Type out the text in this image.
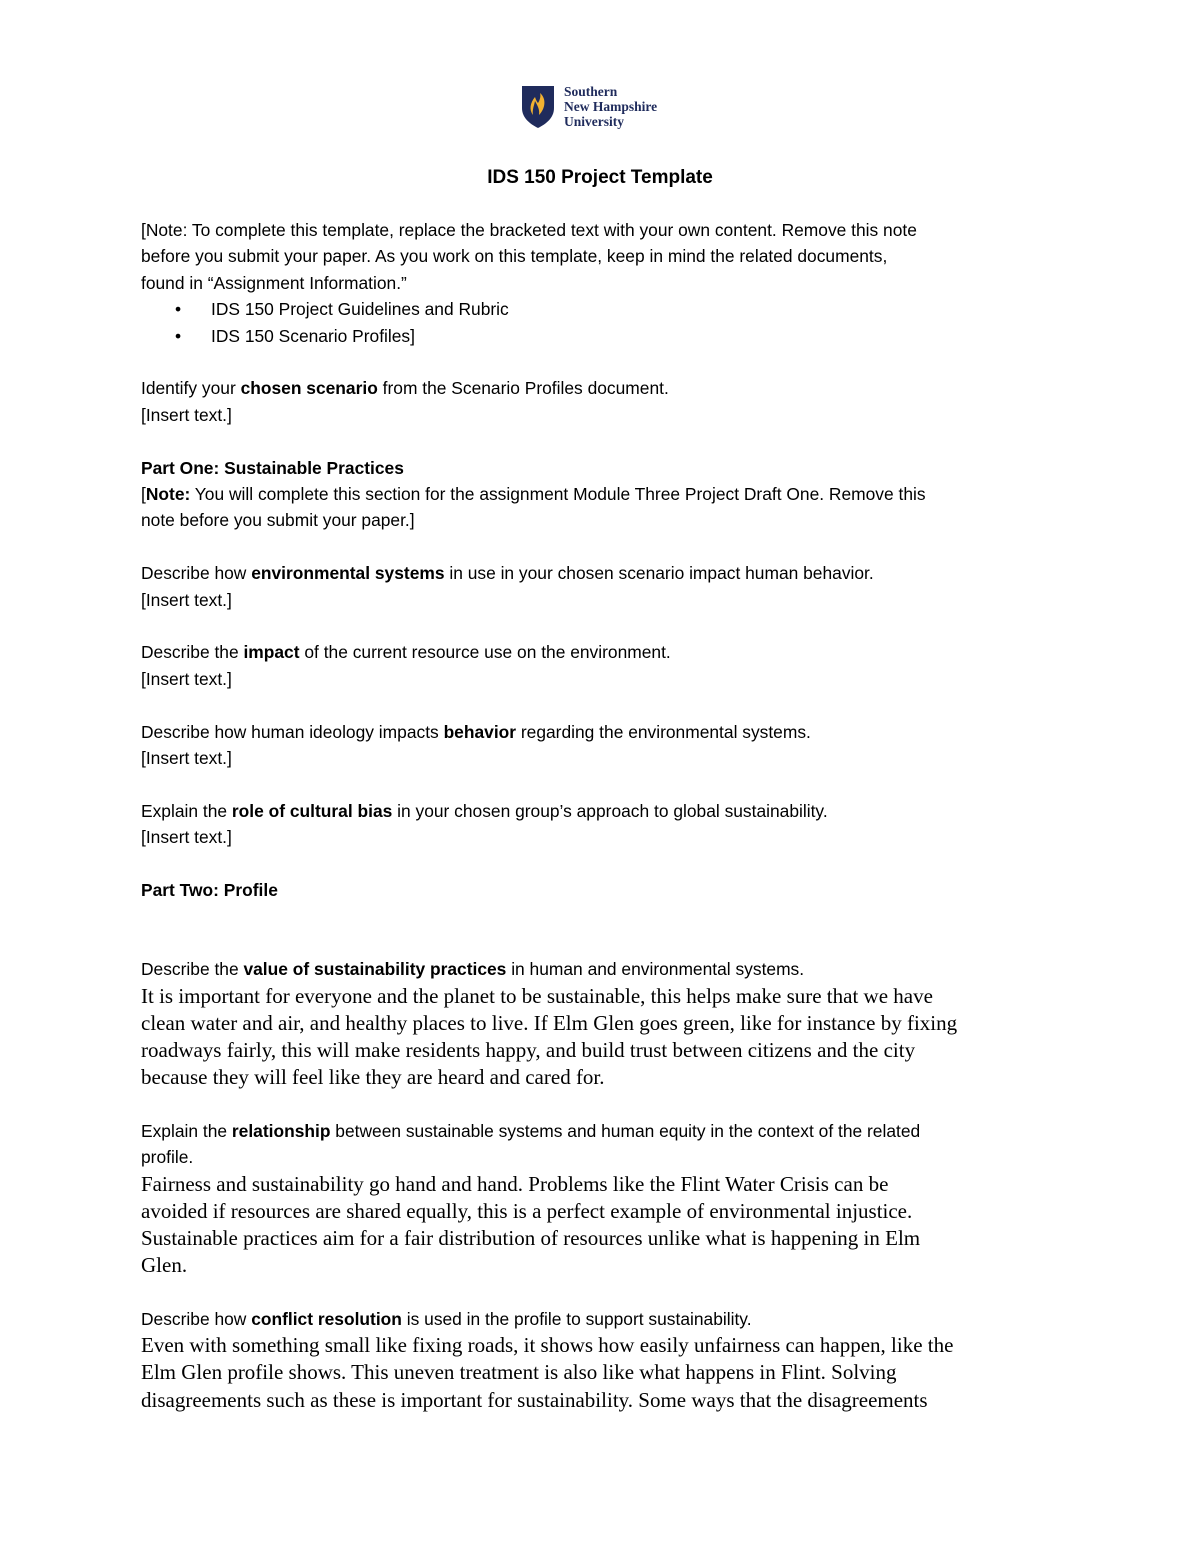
Southern
New Hampshire
University
IDS 150 Project Template

[Note: To complete this template, replace the bracketed text with your own content. Remove this note

before you submit your paper. As you work on this template, keep in mind the related documents,

found in “Assignment Information.”

• IDS 150 Project Guidelines and Rubric
• IDS 150 Scenario Profiles]

Identify your chosen scenario from the Scenario Profiles document.

[Insert text.]

Part One: Sustainable Practices

[Note: You will complete this section for the assignment Module Three Project Draft One. Remove this

note before you submit your paper.]

Describe how environmental systems in use in your chosen scenario impact human behavior.

[Insert text.]

Describe the impact of the current resource use on the environment.

[Insert text.]

Describe how human ideology impacts behavior regarding the environmental systems.

[Insert text.]

Explain the role of cultural bias in your chosen group’s approach to global sustainability.

[Insert text.]

Part Two: Profile

Describe the value of sustainability practices in human and environmental systems.

It is important for everyone and the planet to be sustainable, this helps make sure that we have

clean water and air, and healthy places to live. If Elm Glen goes green, like for instance by fixing

roadways fairly, this will make residents happy, and build trust between citizens and the city

because they will feel like they are heard and cared for.

Explain the relationship between sustainable systems and human equity in the context of the related

profile.

Fairness and sustainability go hand and hand. Problems like the Flint Water Crisis can be

avoided if resources are shared equally, this is a perfect example of environmental injustice.

Sustainable practices aim for a fair distribution of resources unlike what is happening in Elm

Glen.

Describe how conflict resolution is used in the profile to support sustainability.

Even with something small like fixing roads, it shows how easily unfairness can happen, like the

Elm Glen profile shows. This uneven treatment is also like what happens in Flint. Solving

disagreements such as these is important for sustainability. Some ways that the disagreements
